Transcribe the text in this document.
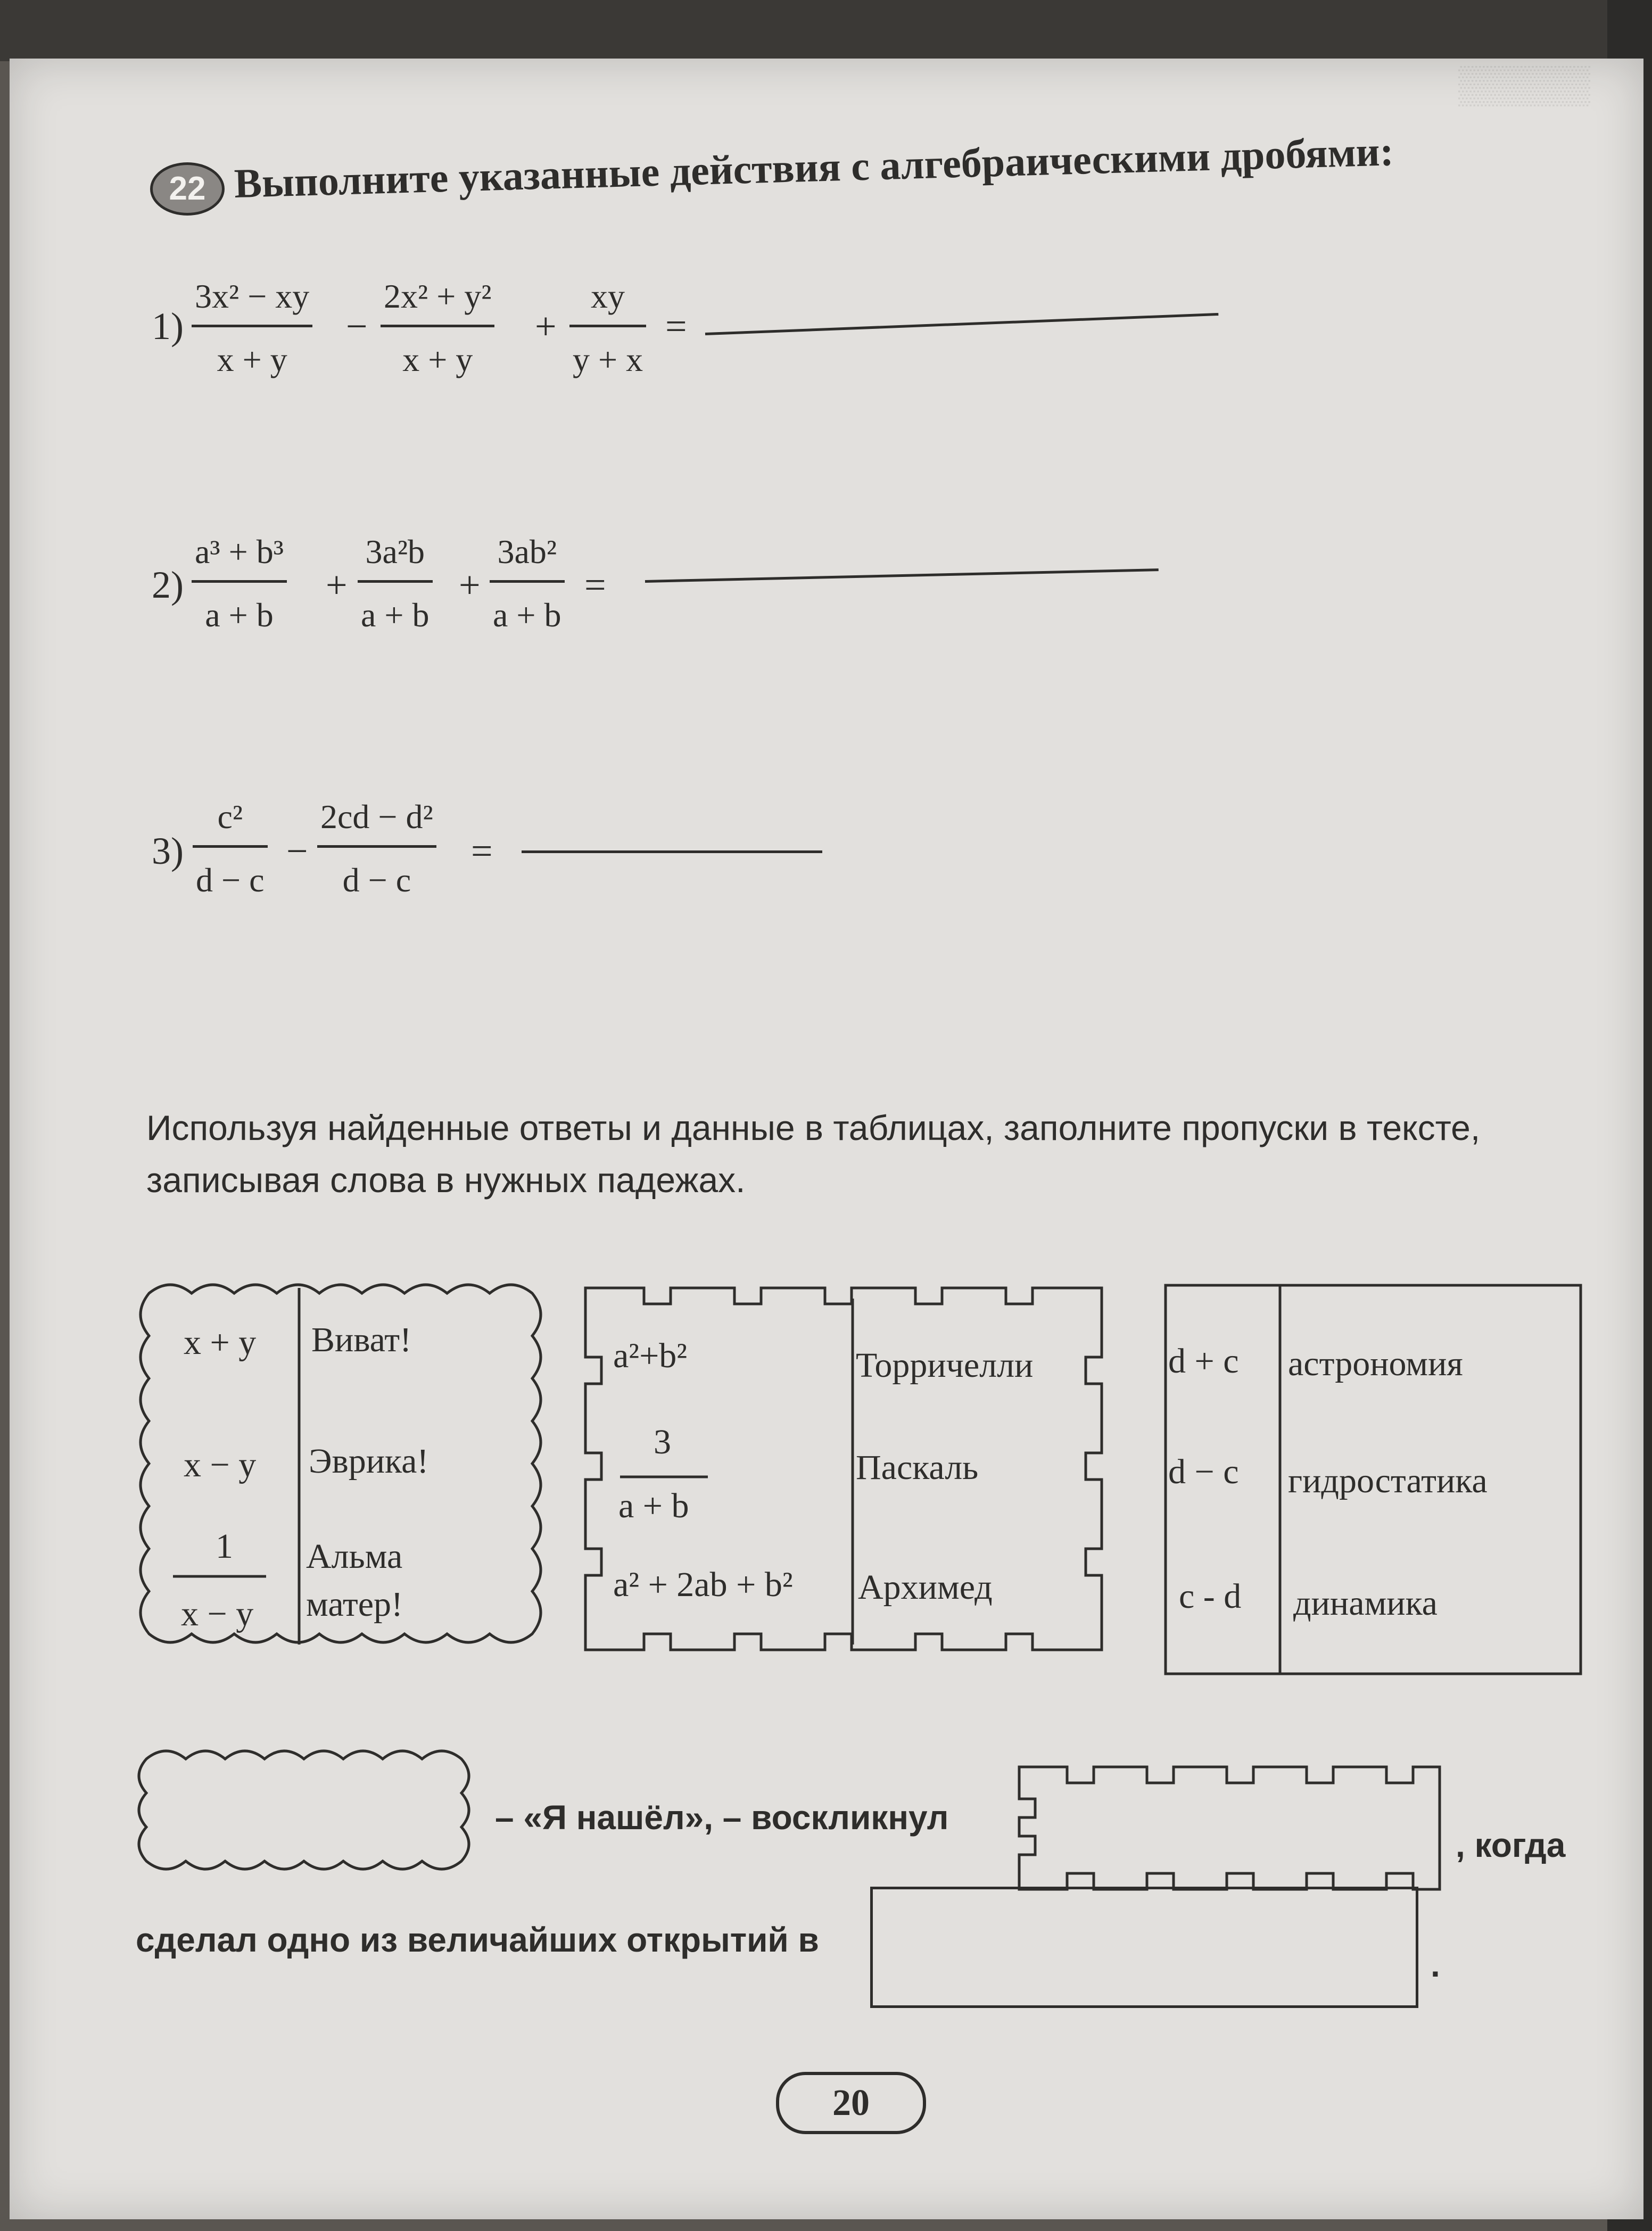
▒▒▒▒▒
22 Выполните указанные действия с алгебраическими дробями:
1)
3x² − xy
x + y
−
2x² + y²
x + y
+
xy
y + x
=
2)
a³ + b³
a + b
+
3a²b
a + b
+
3ab²
a + b
=
3)
c²
d − c
−
2cd − d²
d − c
=
Используя найденные ответы и данные в таблицах, заполните пропуски в тексте, записывая слова в нужных падежах.
x + y Виват!
x − y Эврика!
1
x − y
Альма матер!
a²+b²	Торричелли
3
a + b
Паскаль
a² + 2ab + b² Архимед
d + c астрономия
d − c гидростатика
c - d динамика
– «Я нашёл», – воскликнул
, когда
сделал одно из величайших открытий в
.
20
